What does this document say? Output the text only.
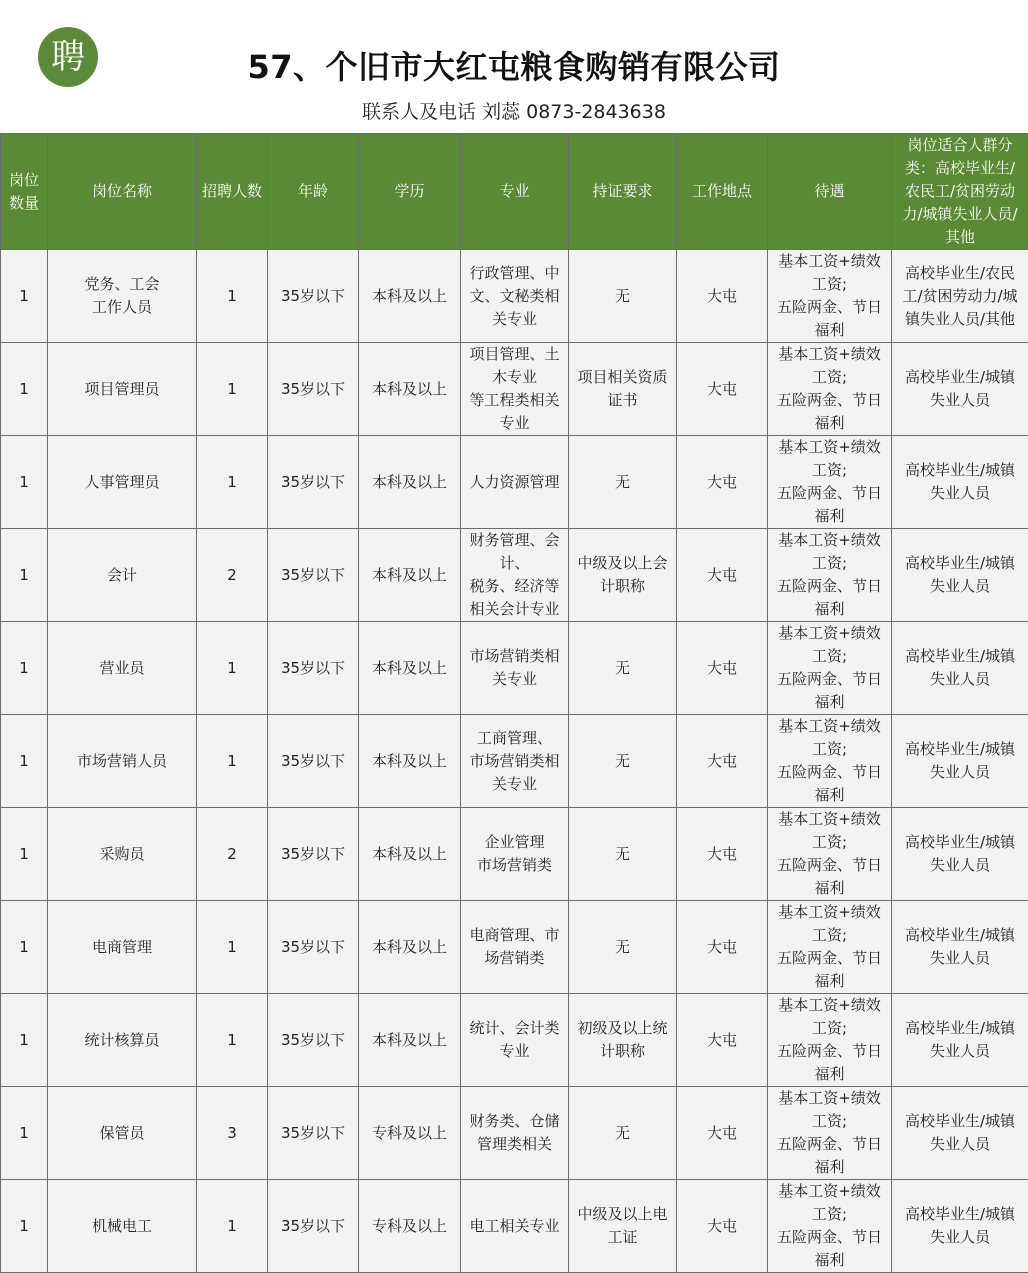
聘	57、个旧市大红屯粮食购销有限公司
联系人及电话 刘蕊 0873-2843638
岗位
数量	岗位名称	招聘人数	年龄	学历	专业	持证要求	工作地点	待遇	岗位适合人群分
类：高校毕业生/
农民工/贫困劳动
力/城镇失业人员/
其他
1	党务、工会
工作人员	1	35岁以下	本科及以上	行政管理、中
文、文秘类相
关专业	无	大屯	基本工资+绩效
工资;
五险两金、节日
福利	高校毕业生/农民
工/贫困劳动力/城
镇失业人员/其他
1	项目管理员	1	35岁以下	本科及以上	项目管理、土
木专业
等工程类相关
专业	项目相关资质
证书	大屯	基本工资+绩效
工资;
五险两金、节日
福利	高校毕业生/城镇
失业人员
1	人事管理员	1	35岁以下	本科及以上	人力资源管理	无	大屯	基本工资+绩效
工资;
五险两金、节日
福利	高校毕业生/城镇
失业人员
1	会计	2	35岁以下	本科及以上	财务管理、会
计、
税务、经济等
相关会计专业	中级及以上会
计职称	大屯	基本工资+绩效
工资;
五险两金、节日
福利	高校毕业生/城镇
失业人员
1	营业员	1	35岁以下	本科及以上	市场营销类相
关专业	无	大屯	基本工资+绩效
工资;
五险两金、节日
福利	高校毕业生/城镇
失业人员
1	市场营销人员	1	35岁以下	本科及以上	工商管理、
市场营销类相
关专业	无	大屯	基本工资+绩效
工资;
五险两金、节日
福利	高校毕业生/城镇
失业人员
1	采购员	2	35岁以下	本科及以上	企业管理
市场营销类	无	大屯	基本工资+绩效
工资;
五险两金、节日
福利	高校毕业生/城镇
失业人员
1	电商管理	1	35岁以下	本科及以上	电商管理、市
场营销类	无	大屯	基本工资+绩效
工资;
五险两金、节日
福利	高校毕业生/城镇
失业人员
1	统计核算员	1	35岁以下	本科及以上	统计、会计类
专业	初级及以上统
计职称	大屯	基本工资+绩效
工资;
五险两金、节日
福利	高校毕业生/城镇
失业人员
1	保管员	3	35岁以下	专科及以上	财务类、仓储
管理类相关	无	大屯	基本工资+绩效
工资;
五险两金、节日
福利	高校毕业生/城镇
失业人员
1	机械电工	1	35岁以下	专科及以上	电工相关专业	中级及以上电
工证	大屯	基本工资+绩效
工资;
五险两金、节日
福利	高校毕业生/城镇
失业人员
